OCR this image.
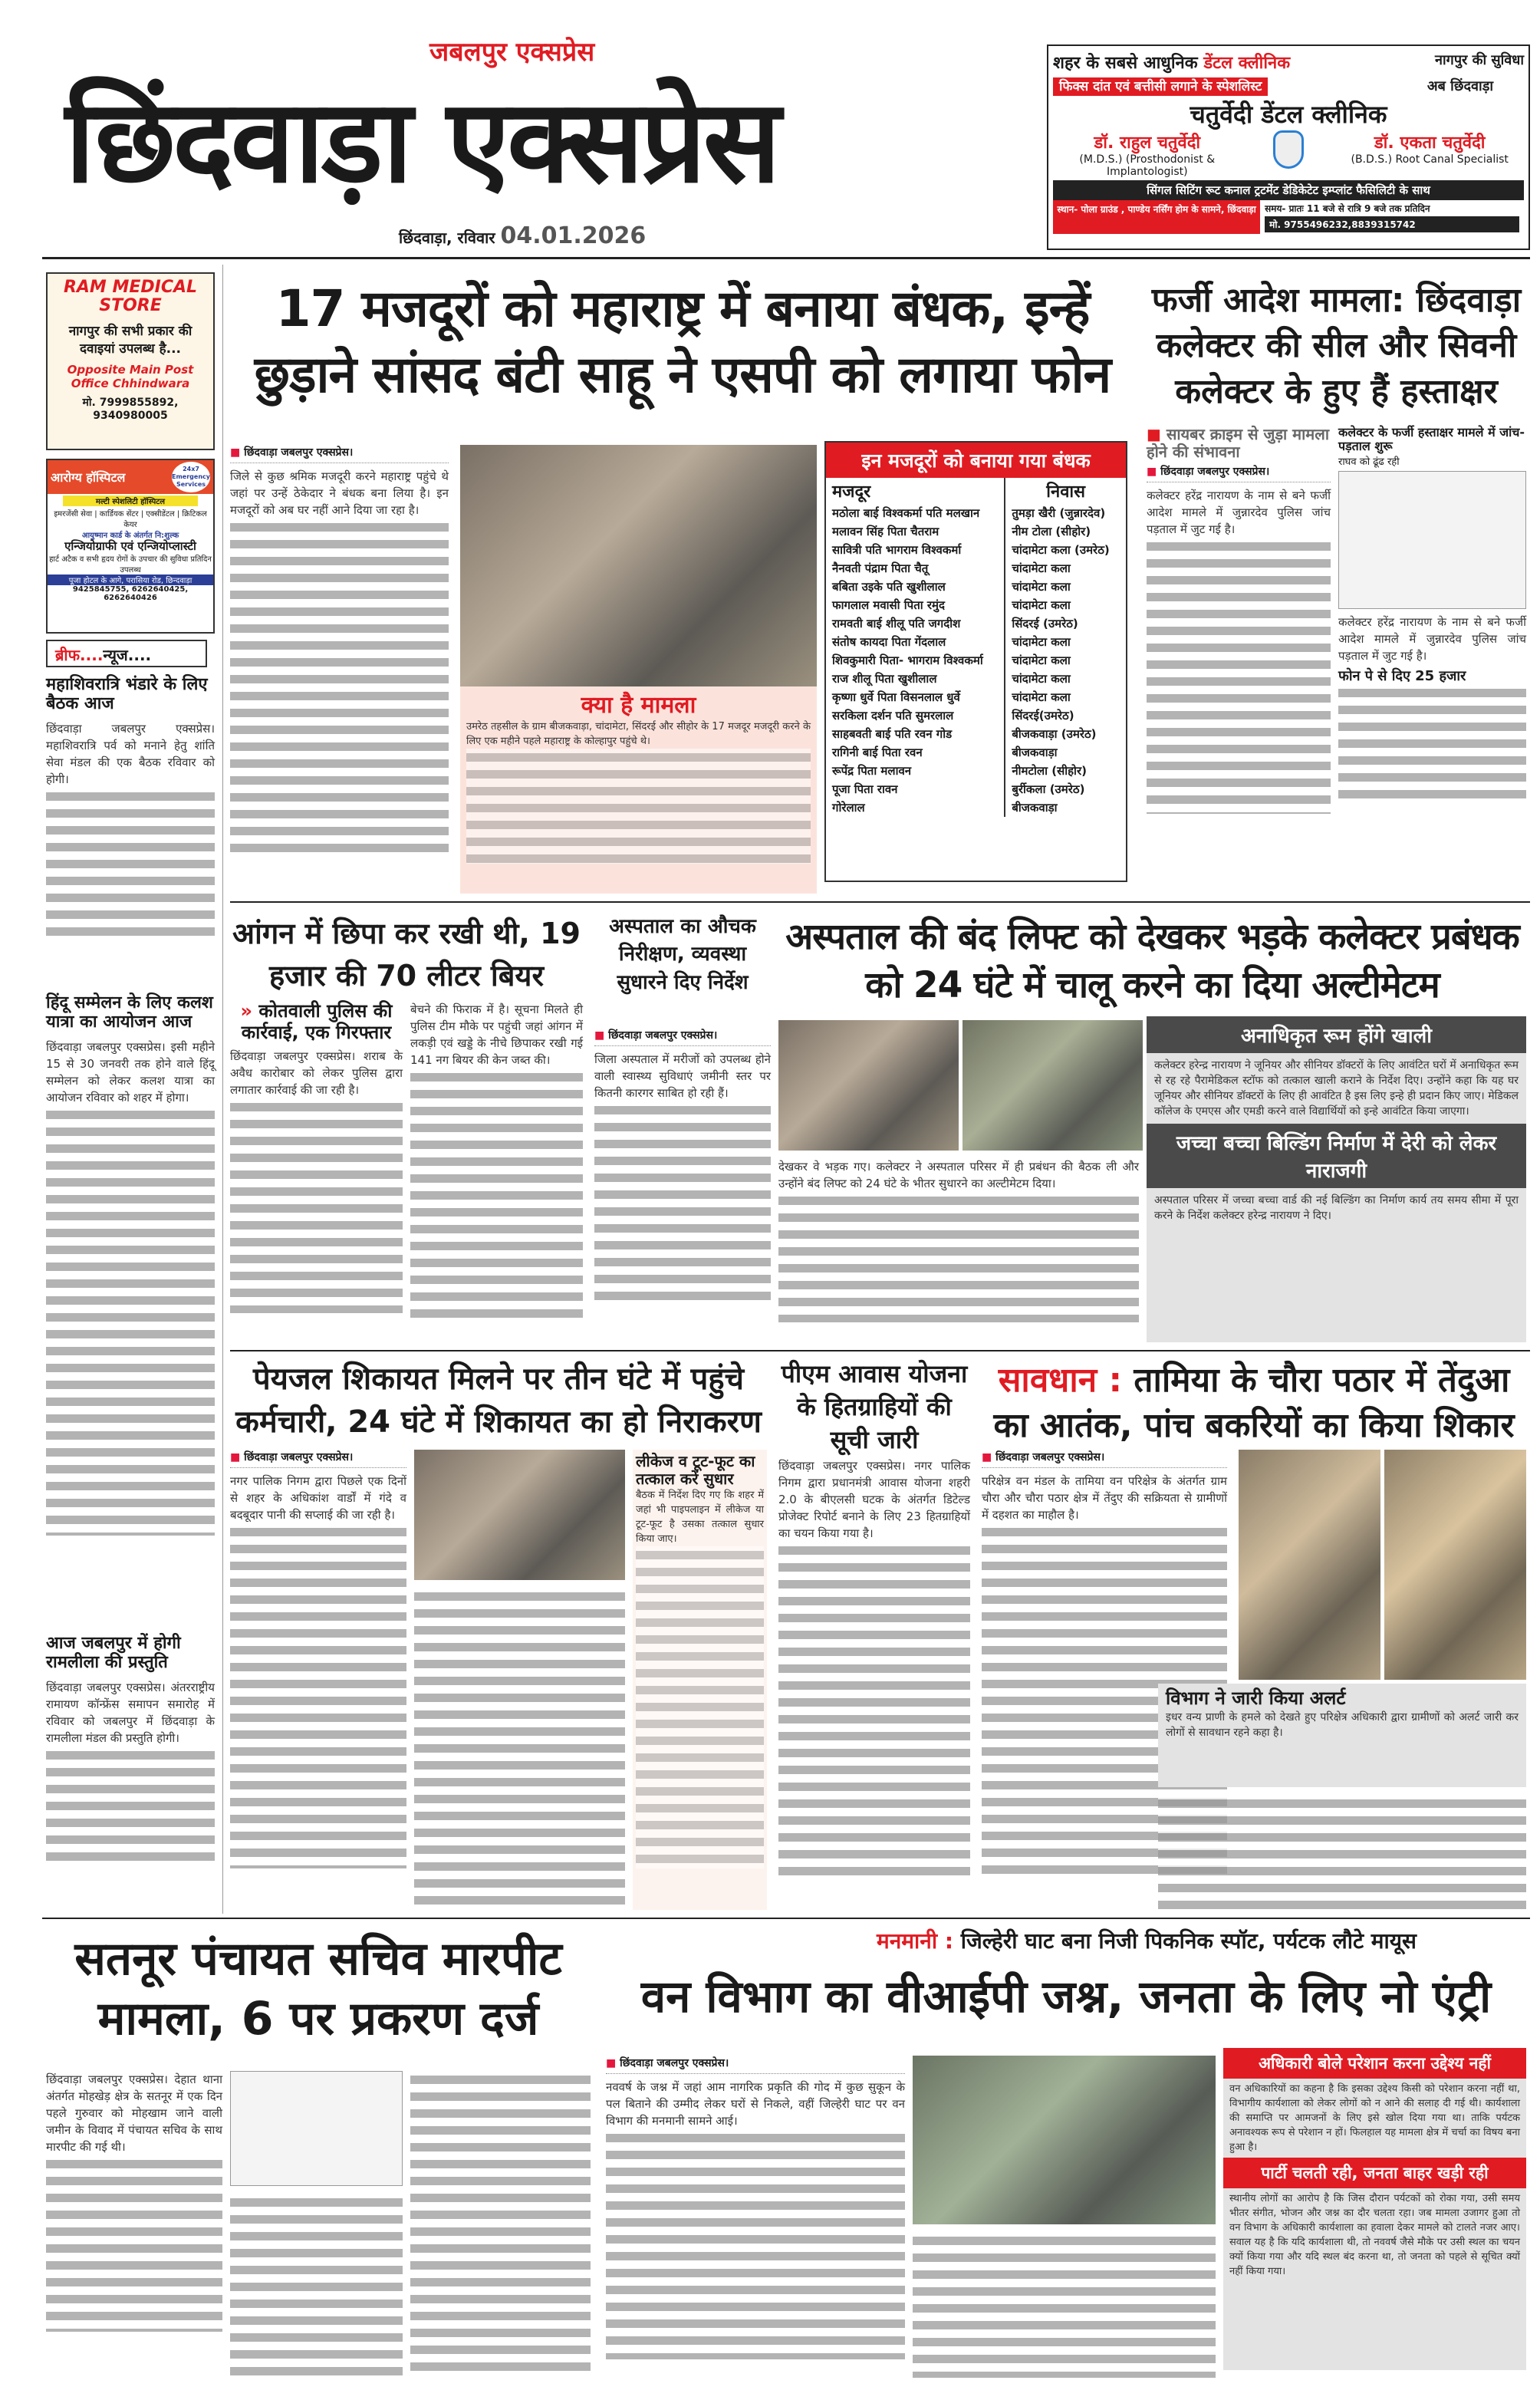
जबलपुर एक्सप्रेस
छिंदवाड़ा एक्सप्रेस
छिंदवाड़ा, रविवार 04.01.2026
शहर के सबसे आधुनिक डेंटल क्लीनिक	नागपुर की सुविधा
फिक्स दांत एवं बत्तीसी लगाने के स्पेशलिस्ट	अब छिंदवाड़ा
चतुर्वेदी डेंटल क्लीनिक
डॉ. राहुल चतुर्वेदी
(M.D.S.) (Prosthodonist & Implantologist)
डॉ. एकता चतुर्वेदी
(B.D.S.) Root Canal Specialist
सिंगल सिटिंग रूट कनाल ट्रटमेंट डेडिकेटेट इम्प्लांट फैसिलिटी के साथ
स्थान- पोला ग्राउंड , पाण्डेय नर्सिंग होम के सामने, छिंदवाड़ा समय- प्रातः 11 बजे से रात्रि 9 बजे तक प्रतिदिन
मो. 9755496232,8839315742
RAM MEDICAL STORE
नागपुर की सभी प्रकार की दवाइयां उपलब्ध है...
Opposite Main Post Office Chhindwara
मो. 7999855892, 9340980005
आरोग्य हॉस्पिटल
24x7 Emergency Services
मल्टी स्पेशलिटी हॉस्पिटल
इमरजेंसी सेवा | कार्डियक सेंटर | एक्सीडेंटल | क्रिटिकल केयर
आयुष्मान कार्ड के अंतर्गत नि:शुल्क
एन्जियोग्राफी एवं एन्जियोप्लास्टी
हार्ट अटैक व सभी हृदय रोगों के उपचार की सुविधा प्रतिदिन उपलब्ध
पूजा होटल के आगे, परासिया रोड, छिन्दवाड़ा
9425845755, 6262640425, 6262640426
ब्रीफ....न्यूज....
महाशिवरात्रि भंडारे के लिए बैठक आज
छिंदवाड़ा जबलपुर एक्सप्रेस। महाशिवरात्रि पर्व को मनाने हेतु शांति सेवा मंडल की एक बैठक रविवार को होगी।
हिंदू सम्मेलन के लिए कलश यात्रा का आयोजन आज
छिंदवाड़ा जबलपुर एक्सप्रेस। इसी महीने 15 से 30 जनवरी तक होने वाले हिंदू सम्मेलन को लेकर कलश यात्रा का आयोजन रविवार को शहर में होगा।
आज जबलपुर में होगी रामलीला की प्रस्तुति
छिंदवाड़ा जबलपुर एक्सप्रेस। अंतरराष्ट्रीय रामायण कॉन्फ्रेंस समापन समारोह में रविवार को जबलपुर में छिंदवाड़ा के रामलीला मंडल की प्रस्तुति होगी।
17 मजदूरों को महाराष्ट्र में बनाया बंधक, इन्हें छुड़ाने सांसद बंटी साहू ने एसपी को लगाया फोन
■ छिंदवाड़ा जबलपुर एक्सप्रेस।
जिले से कुछ श्रमिक मजदूरी करने महाराष्ट्र पहुंचे थे जहां पर उन्हें ठेकेदार ने बंधक बना लिया है। इन मजदूरों को अब घर नहीं आने दिया जा रहा है।
क्या है मामला
उमरेठ तहसील के ग्राम बीजकवाड़ा, चांदामेटा, सिंदरई और सीहोर के 17 मजदूर मजदूरी करने के लिए एक महीने पहले महाराष्ट्र के कोल्हापुर पहुंचे थे।
इन मजदूरों को बनाया गया बंधक
मजदूर	निवास
मठोला बाई विश्वकर्मा पति मलखान	तुमड़ा खैरी (जुन्नारदेव)
मलावन सिंह पिता चैतराम	नीम टोला (सीहोर)
सावित्री पति भागराम विश्वकर्मा	चांदामेटा कला (उमरेठ)
नैनवती पंद्राम पिता चैतू	चांदामेटा कला
बबिता उइके पति खुशीलाल	चांदामेटा कला
फागलाल मवासी पिता रमुंद	चांदामेटा कला
रामवती बाई शीलू पति जगदीश	सिंदरई (उमरेठ)
संतोष कायदा पिता गेंदलाल	चांदामेटा कला
शिवकुमारी पिता- भागराम विश्वकर्मा	चांदामेटा कला
राज शीलू पिता खुशीलाल	चांदामेटा कला
कृष्णा धुर्वे पिता विसनलाल धुर्वे	चांदामेटा कला
सरकिला दर्शन पति सुमरलाल	सिंदरई(उमरेठ)
साहबवती बाई पति रवन गोड	बीजकवाड़ा (उमरेठ)
रागिनी बाई पिता रवन	बीजकवाड़ा
रूपेंद्र पिता मलावन	नीमटोला (सीहोर)
पूजा पिता रावन	बुर्रीकला (उमरेठ)
गोरेलाल	बीजकवाड़ा
फर्जी आदेश मामला: छिंदवाड़ा कलेक्टर की सील और सिवनी कलेक्टर के हुए हैं हस्ताक्षर
■ सायबर क्राइम से जुड़ा मामला होने की संभावना
■ छिंदवाड़ा जबलपुर एक्सप्रेस।
कलेक्टर हरेंद्र नारायण के नाम से बने फर्जी आदेश मामले में जुन्नारदेव पुलिस जांच पड़ताल में जुट गई है।
कलेक्टर के फर्जी हस्ताक्षर मामले में जांच-पड़ताल शुरू
राघव को ढूंढ रही
कलेक्टर हरेंद्र नारायण के नाम से बने फर्जी आदेश मामले में जुन्नारदेव पुलिस जांच पड़ताल में जुट गई है।
फोन पे से दिए 25 हजार
आंगन में छिपा कर रखी थी, 19 हजार की 70 लीटर बियर
» कोतवाली पुलिस की कार्रवाई, एक गिरफ्तार
छिंदवाड़ा जबलपुर एक्सप्रेस। शराब के अवैध कारोबार को लेकर पुलिस द्वारा लगातार कार्रवाई की जा रही है।
बेचने की फिराक में है। सूचना मिलते ही पुलिस टीम मौके पर पहुंची जहां आंगन में लकड़ी एवं खड्डे के नीचे छिपाकर रखी गई 141 नग बियर की केन जब्त की।
अस्पताल का औचक निरीक्षण, व्यवस्था सुधारने दिए निर्देश
■ छिंदवाड़ा जबलपुर एक्सप्रेस।
जिला अस्पताल में मरीजों को उपलब्ध होने वाली स्वास्थ्य सुविधाएं जमीनी स्तर पर कितनी कारगर साबित हो रही हैं।
अस्पताल की बंद लिफ्ट को देखकर भड़के कलेक्टर प्रबंधक को 24 घंटे में चालू करने का दिया अल्टीमेटम
देखकर वे भड़क गए। कलेक्टर ने अस्पताल परिसर में ही प्रबंधन की बैठक ली और उन्होंने बंद लिफ्ट को 24 घंटे के भीतर सुधारने का अल्टीमेटम दिया।
अनाधिकृत रूम होंगे खाली
कलेक्टर हरेन्द्र नारायण ने जूनियर और सीनियर डॉक्टरों के लिए आवंटित घरों में अनाधिकृत रूम से रह रहे पैरामेडिकल स्टॉफ को तत्काल खाली कराने के निर्देश दिए। उन्होंने कहा कि यह घर जूनियर और सीनियर डॉक्टरों के लिए ही आवंटित है इस लिए इन्हे ही प्रदान किए जाए। मेडिकल कॉलेज के एमएस और एमडी करने वाले विद्यार्थियों को इन्हे आवंटित किया जाएगा।
जच्चा बच्चा बिल्डिंग निर्माण में देरी को लेकर नाराजगी
अस्पताल परिसर में जच्चा बच्चा वार्ड की नई बिल्डिंग का निर्माण कार्य तय समय सीमा में पूरा करने के निर्देश कलेक्टर हरेन्द्र नारायण ने दिए।
पेयजल शिकायत मिलने पर तीन घंटे में पहुंचे कर्मचारी, 24 घंटे में शिकायत का हो निराकरण
■ छिंदवाड़ा जबलपुर एक्सप्रेस।
नगर पालिक निगम द्वारा पिछले एक दिनों से शहर के अधिकांश वार्डों में गंदे व बदबूदार पानी की सप्लाई की जा रही है।
लीकेज व टूट-फूट का तत्काल करें सुधार
बैठक में निर्देश दिए गए कि शहर में जहां भी पाइपलाइन में लीकेज या टूट-फूट है उसका तत्काल सुधार किया जाए।
पीएम आवास योजना के हितग्राहियों की सूची जारी
छिंदवाड़ा जबलपुर एक्सप्रेस। नगर पालिक निगम द्वारा प्रधानमंत्री आवास योजना शहरी 2.0 के बीएलसी घटक के अंतर्गत डिटेल्ड प्रोजेक्ट रिपोर्ट बनाने के लिए 23 हितग्राहियों का चयन किया गया है।
सावधान : तामिया के चौरा पठार में तेंदुआ का आतंक, पांच बकरियों का किया शिकार
■ छिंदवाड़ा जबलपुर एक्सप्रेस।
परिक्षेत्र वन मंडल के तामिया वन परिक्षेत्र के अंतर्गत ग्राम चौरा और चौरा पठार क्षेत्र में तेंदुए की सक्रियता से ग्रामीणों में दहशत का माहौल है।
विभाग ने जारी किया अलर्ट
इधर वन्य प्राणी के हमले को देखते हुए परिक्षेत्र अधिकारी द्वारा ग्रामीणों को अलर्ट जारी कर लोगों से सावधान रहने कहा है।
सतनूर पंचायत सचिव मारपीट मामला, 6 पर प्रकरण दर्ज
छिंदवाड़ा जबलपुर एक्सप्रेस। देहात थाना अंतर्गत मोहखेड़ क्षेत्र के सतनूर में एक दिन पहले गुरुवार को मोहखाम जाने वाली जमीन के विवाद में पंचायत सचिव के साथ मारपीट की गई थी।
मनमानी : जिल्हेरी घाट बना निजी पिकनिक स्पॉट, पर्यटक लौटे मायूस
वन विभाग का वीआईपी जश्न, जनता के लिए नो एंट्री
■ छिंदवाड़ा जबलपुर एक्सप्रेस।
नववर्ष के जश्न में जहां आम नागरिक प्रकृति की गोद में कुछ सुकून के पल बिताने की उम्मीद लेकर घरों से निकले, वहीं जिल्हेरी घाट पर वन विभाग की मनमानी सामने आई।
अधिकारी बोले परेशान करना उद्देश्य नहीं
वन अधिकारियों का कहना है कि इसका उद्देश्य किसी को परेशान करना नहीं था, विभागीय कार्यशाला को लेकर लोगों को न आने की सलाह दी गई थी। कार्यशाला की समाप्ति पर आमजनों के लिए इसे खोल दिया गया था। ताकि पर्यटक अनावश्यक रूप से परेशान न हों। फिलहाल यह मामला क्षेत्र में चर्चा का विषय बना हुआ है।
पार्टी चलती रही, जनता बाहर खड़ी रही
स्थानीय लोगों का आरोप है कि जिस दौरान पर्यटकों को रोका गया, उसी समय भीतर संगीत, भोजन और जश्न का दौर चलता रहा। जब मामला उजागर हुआ तो वन विभाग के अधिकारी कार्यशाला का हवाला देकर मामले को टालते नजर आए। सवाल यह है कि यदि कार्यशाला थी, तो नववर्ष जैसे मौके पर उसी स्थल का चयन क्यों किया गया और यदि स्थल बंद करना था, तो जनता को पहले से सूचित क्यों नहीं किया गया।
